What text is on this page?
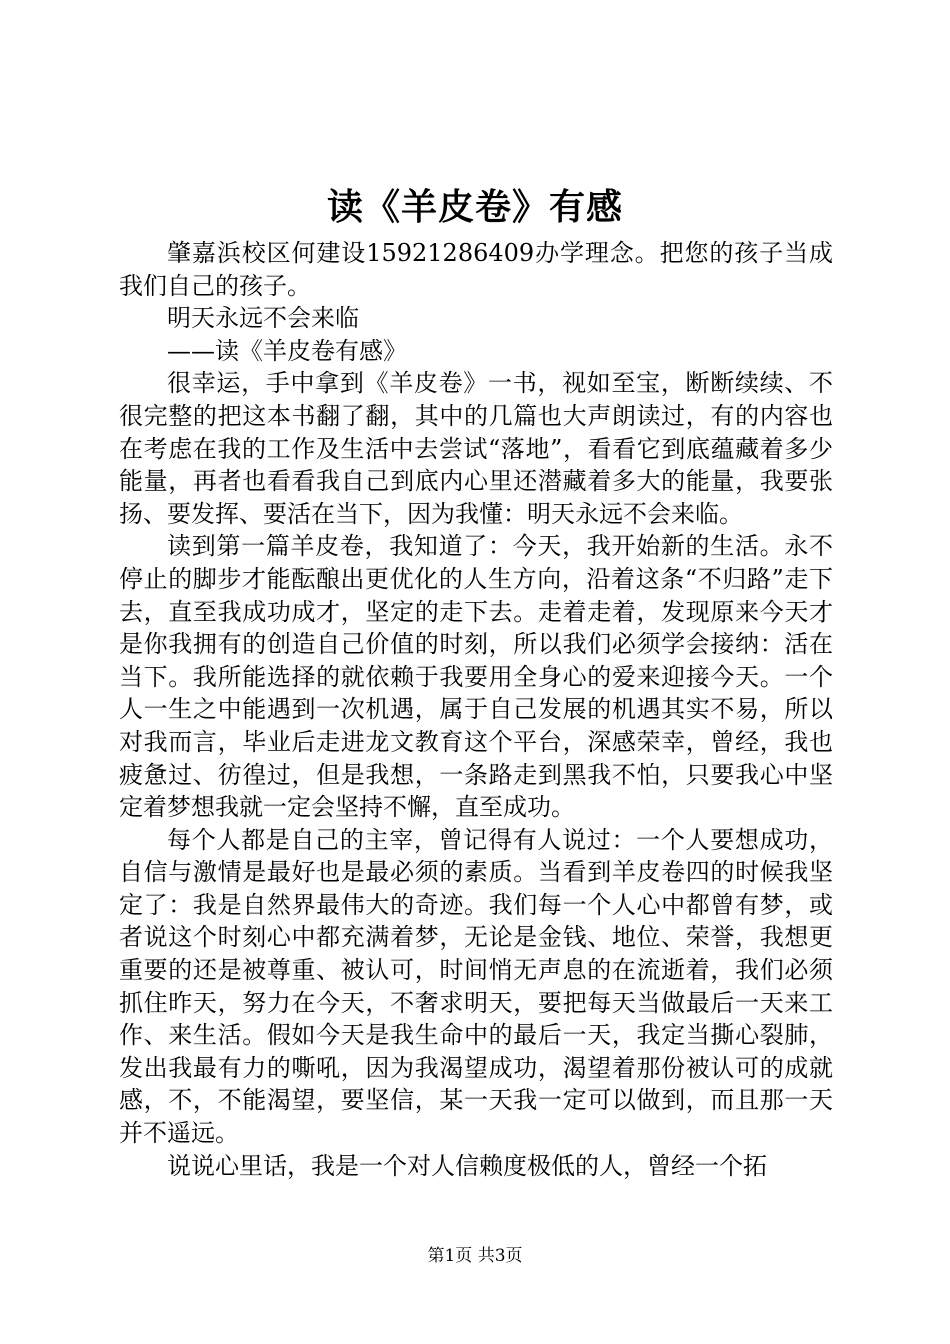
读《羊皮卷》有感

肇嘉浜校区何建设15921286409办学理念。把您的孩子当成我们自己的孩子。

明天永远不会来临

——读《羊皮卷有感》

很幸运，手中拿到《羊皮卷》一书，视如至宝，断断续续、不很完整的把这本书翻了翻，其中的几篇也大声朗读过，有的内容也在考虑在我的工作及生活中去尝试“落地”，看看它到底蕴藏着多少能量，再者也看看我自己到底内心里还潜藏着多大的能量，我要张扬、要发挥、要活在当下，因为我懂：明天永远不会来临。

读到第一篇羊皮卷，我知道了：今天，我开始新的生活。永不停止的脚步才能酝酿出更优化的人生方向，沿着这条“不归路”走下去，直至我成功成才，坚定的走下去。走着走着，发现原来今天才是你我拥有的创造自己价值的时刻，所以我们必须学会接纳：活在当下。我所能选择的就依赖于我要用全身心的爱来迎接今天。一个人一生之中能遇到一次机遇，属于自己发展的机遇其实不易，所以对我而言，毕业后走进龙文教育这个平台，深感荣幸，曾经，我也疲惫过、彷徨过，但是我想，一条路走到黑我不怕，只要我心中坚定着梦想我就一定会坚持不懈，直至成功。

每个人都是自己的主宰，曾记得有人说过：一个人要想成功，自信与激情是最好也是最必须的素质。当看到羊皮卷四的时候我坚定了：我是自然界最伟大的奇迹。我们每一个人心中都曾有梦，或者说这个时刻心中都充满着梦，无论是金钱、地位、荣誉，我想更重要的还是被尊重、被认可，时间悄无声息的在流逝着，我们必须抓住昨天，努力在今天，不奢求明天，要把每天当做最后一天来工作、来生活。假如今天是我生命中的最后一天，我定当撕心裂肺，发出我最有力的嘶吼，因为我渴望成功，渴望着那份被认可的成就感，不，不能渴望，要坚信，某一天我一定可以做到，而且那一天并不遥远。

说说心里话，我是一个对人信赖度极低的人，曾经一个拓

第1页 共3页
